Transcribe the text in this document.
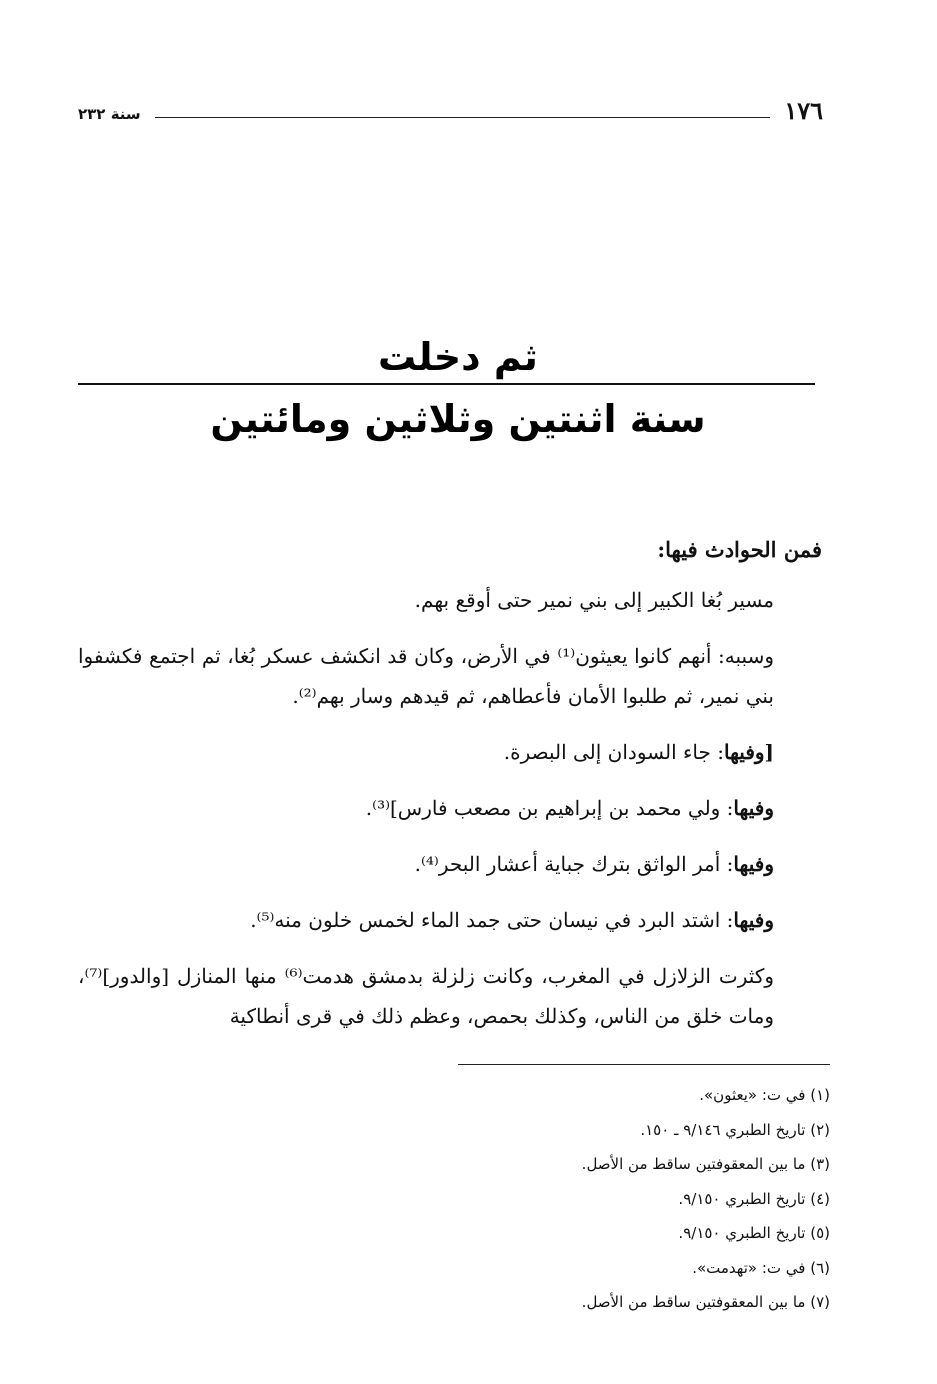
١٧٦
سنة ٢٣٢
ثم دخلت
سنة اثنتين وثلاثين ومائتين

فمن الحوادث فيها:

مسير بُغا الكبير إلى بني نمير حتى أوقع بهم.

وسببه: أنهم كانوا يعيثون⁽¹⁾ في الأرض، وكان قد انكشف عسكر بُغا، ثم اجتمع فكشفوا بني نمير، ثم طلبوا الأمان فأعطاهم، ثم قيدهم وسار بهم⁽²⁾.

[وفيها: جاء السودان إلى البصرة.

وفيها: ولي محمد بن إبراهيم بن مصعب فارس]⁽³⁾.

وفيها: أمر الواثق بترك جباية أعشار البحر⁽⁴⁾.

وفيها: اشتد البرد في نيسان حتى جمد الماء لخمس خلون منه⁽⁵⁾.

وكثرت الزلازل في المغرب، وكانت زلزلة بدمشق هدمت⁽⁶⁾ منها المنازل [والدور]⁽⁷⁾، ومات خلق من الناس، وكذلك بحمص، وعظم ذلك في قرى أنطاكية

(١) في ت: «يعثون».

(٢) تاريخ الطبري ٩/١٤٦ ـ ١٥٠.

(٣) ما بين المعقوفتين ساقط من الأصل.

(٤) تاريخ الطبري ٩/١٥٠.

(٥) تاريخ الطبري ٩/١٥٠.

(٦) في ت: «تهدمت».

(٧) ما بين المعقوفتين ساقط من الأصل.
